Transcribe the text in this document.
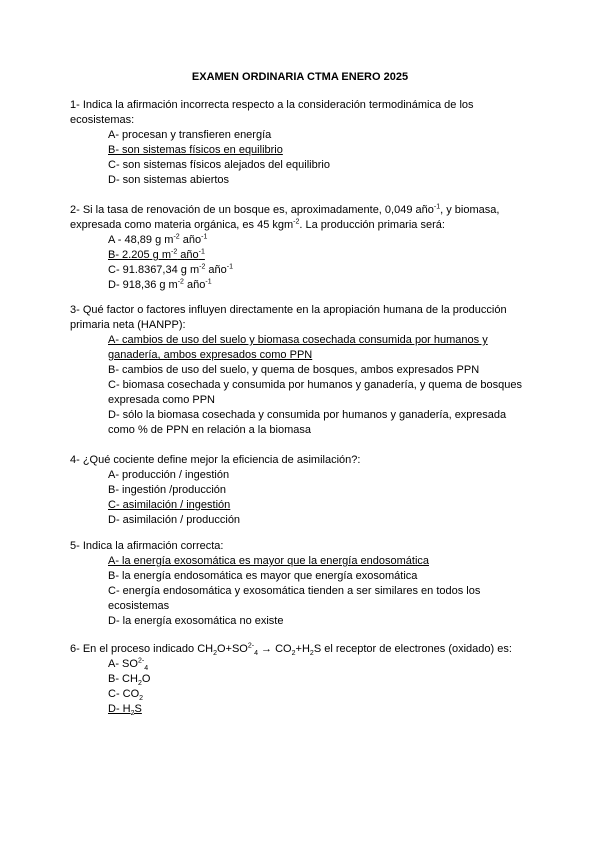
EXAMEN ORDINARIA CTMA ENERO 2025
1- Indica la afirmación incorrecta respecto a la consideración termodinámica de los ecosistemas:
A- procesan y transfieren energía
B- son sistemas físicos en equilibrio
C- son sistemas físicos alejados del equilibrio
D- son sistemas abiertos
2- Si la tasa de renovación de un bosque es, aproximadamente, 0,049 año$^{-1}$, y biomasa, expresada como materia orgánica, es 45 kgm$^{-2}$. La producción primaria será:
A - 48,89 g $m^{-2}$ año$^{-1}$
B- 2.205 g $m^{-2}$ año$^{-1}$
C- 91.8367,34 g $m^{-2}$ año$^{-1}$
D- 918,36 g $m^{-2}$ año$^{-1}$
3- Qué factor o factores influyen directamente en la apropiación humana de la producción primaria neta (HANPP):
A- cambios de uso del suelo y biomasa cosechada consumida por humanos y ganadería, ambos expresados como PPN
B- cambios de uso del suelo, y quema de bosques, ambos expresados PPN
C- biomasa cosechada y consumida por humanos y ganadería, y quema de bosques expresada como PPN
D- sólo la biomasa cosechada y consumida por humanos y ganadería, expresada como % de PPN en relación a la biomasa
4- ¿Qué cociente define mejor la eficiencia de asimilación?:
A- producción / ingestión
B- ingestión /producción
C- asimilación / ingestión
D- asimilación / producción
5- Indica la afirmación correcta:
A- la energía exosomática es mayor que la energía endosomática
B- la energía endosomática es mayor que energía exosomática
C- energía endosomática y exosomática tienden a ser similares en todos los ecosistemas
D- la energía exosomática no existe
6- En el proceso indicado $CH_2O+SO^{2-}_4 \to CO_2+H_2S$ el receptor de electrones (oxidado) es:
A- $SO^{2-}_4$
B- $CH_2O$
C- $CO_2$
D- $H_2S$
